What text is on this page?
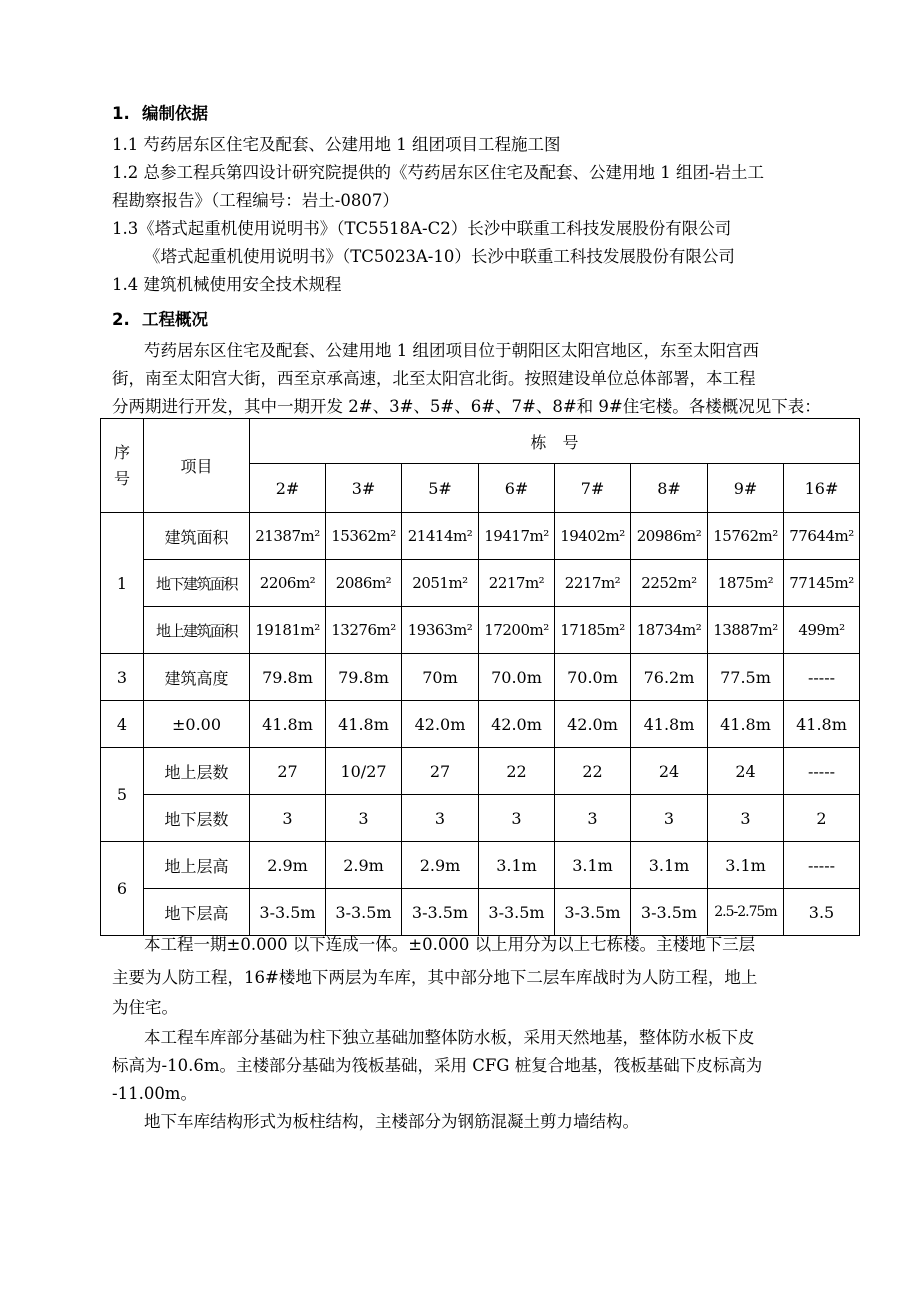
1. 编制依据
1.1 芍药居东区住宅及配套、公建用地 1 组团项目工程施工图
1.2 总参工程兵第四设计研究院提供的《芍药居东区住宅及配套、公建用地 1 组团-岩土工
程勘察报告》（工程编号：岩土-0807）
1.3《塔式起重机使用说明书》（TC5518A-C2）长沙中联重工科技发展股份有限公司
《塔式起重机使用说明书》（TC5023A-10）长沙中联重工科技发展股份有限公司
1.4 建筑机械使用安全技术规程
2. 工程概况
芍药居东区住宅及配套、公建用地 1 组团项目位于朝阳区太阳宫地区，东至太阳宫西
街，南至太阳宫大街，西至京承高速，北至太阳宫北街。按照建设单位总体部署，本工程
分两期进行开发，其中一期开发 2#、3#、5#、6#、7#、8#和 9#住宅楼。各楼概况见下表：
序
号	项目	栋　号							
		2#	3#	5#	6#	7#	8#	9#	16#
1	建筑面积	21387m²	15362m²	21414m²	19417m²	19402m²	20986m²	15762m²	77644m²
	地下建筑面积	2206m²	2086m²	2051m²	2217m²	2217m²	2252m²	1875m²	77145m²
	地上建筑面积	19181m²	13276m²	19363m²	17200m²	17185m²	18734m²	13887m²	499m²
3	建筑高度	79.8m	79.8m	70m	70.0m	70.0m	76.2m	77.5m	-----
4	±0.00	41.8m	41.8m	42.0m	42.0m	42.0m	41.8m	41.8m	41.8m
5	地上层数	27	10/27	27	22	22	24	24	-----
	地下层数	3	3	3	3	3	3	3	2
6	地上层高	2.9m	2.9m	2.9m	3.1m	3.1m	3.1m	3.1m	-----
	地下层高	3-3.5m	3-3.5m	3-3.5m	3-3.5m	3-3.5m	3-3.5m	2.5-2.75m	3.5
本工程一期±0.000 以下连成一体。±0.000 以上用分为以上七栋楼。主楼地下三层
主要为人防工程，16#楼地下两层为车库，其中部分地下二层车库战时为人防工程，地上
为住宅。
本工程车库部分基础为柱下独立基础加整体防水板，采用天然地基，整体防水板下皮
标高为-10.6m。主楼部分基础为筏板基础，采用 CFG 桩复合地基，筏板基础下皮标高为
-11.00m。
地下车库结构形式为板柱结构，主楼部分为钢筋混凝土剪力墙结构。
